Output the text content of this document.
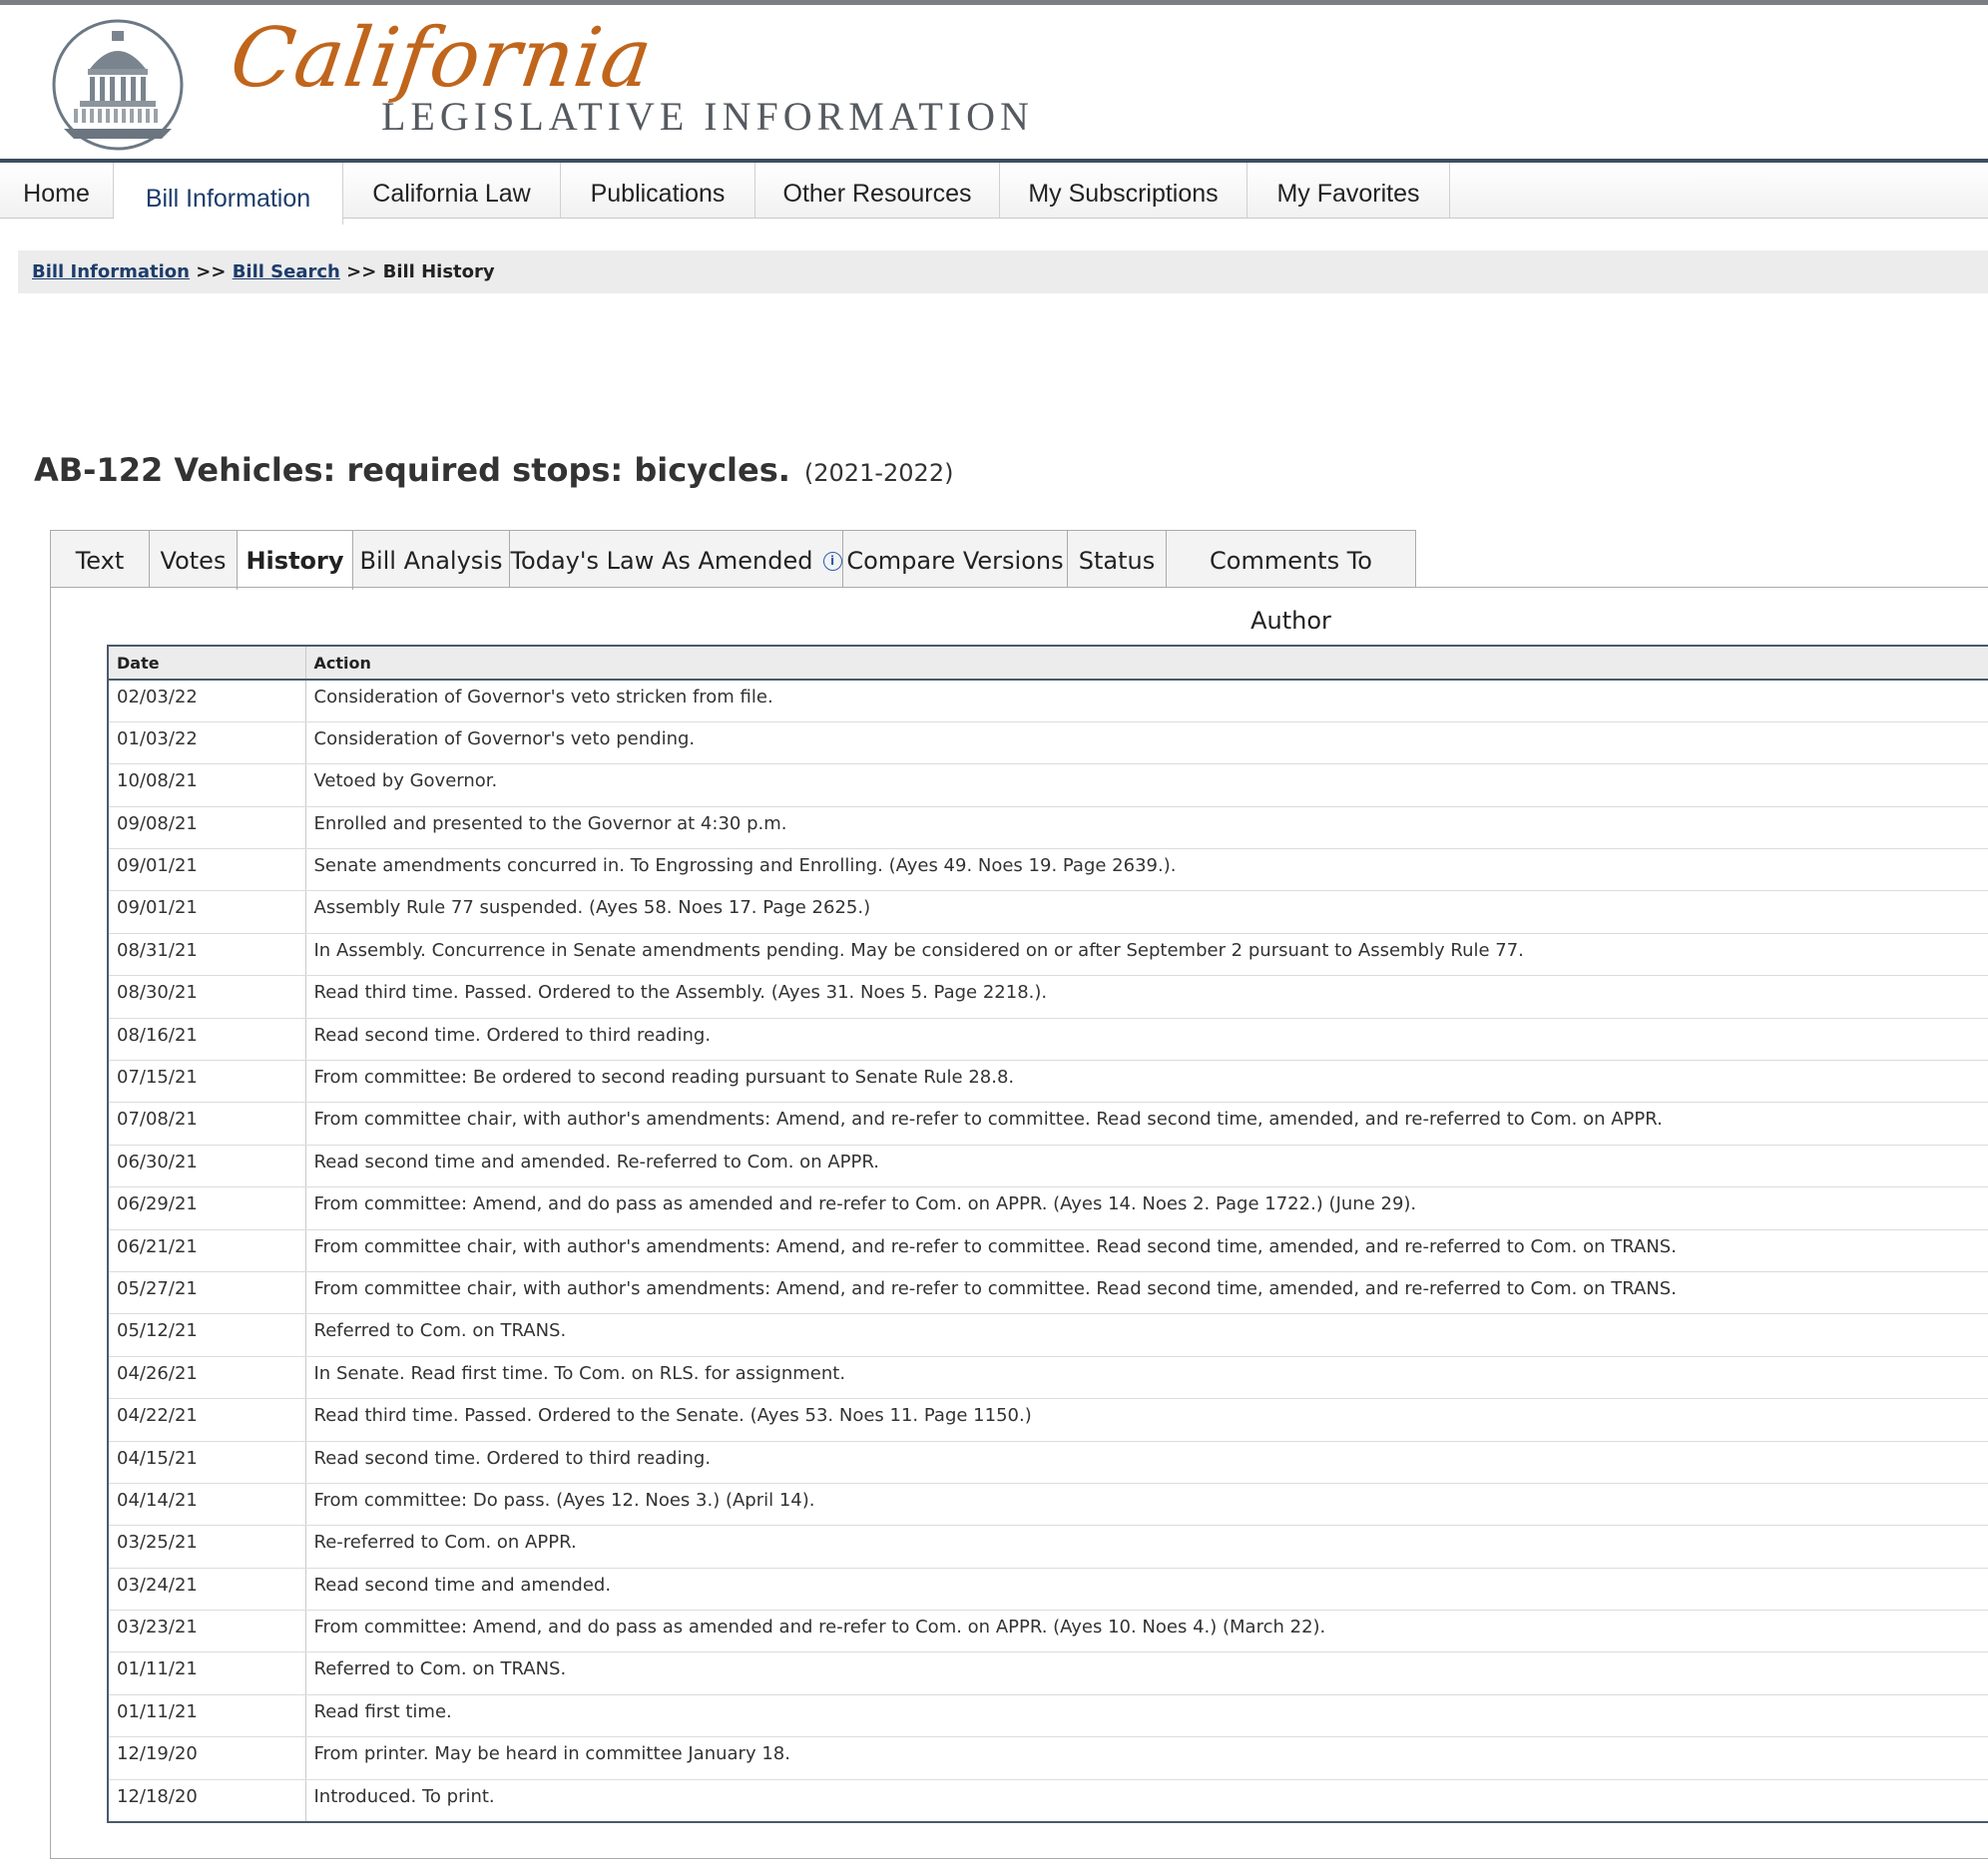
California
LEGISLATIVE INFORMATION
Home	Bill Information	California Law	Publications	Other Resources	My Subscriptions	My Favorites
Bill Information >> Bill Search >> Bill History
AB-122 Vehicles: required stops: bicycles. (2021-2022)
Text	Votes History Bill Analysis Today's Law As Amended i Compare Versions Status	Comments To Author
Date	Action
02/03/22	Consideration of Governor's veto stricken from file.
01/03/22	Consideration of Governor's veto pending.
10/08/21	Vetoed by Governor.
09/08/21	Enrolled and presented to the Governor at 4:30 p.m.
09/01/21	Senate amendments concurred in. To Engrossing and Enrolling. (Ayes 49. Noes 19. Page 2639.).
09/01/21	Assembly Rule 77 suspended. (Ayes 58. Noes 17. Page 2625.)
08/31/21	In Assembly. Concurrence in Senate amendments pending. May be considered on or after September 2 pursuant to Assembly Rule 77.
08/30/21	Read third time. Passed. Ordered to the Assembly. (Ayes 31. Noes 5. Page 2218.).
08/16/21	Read second time. Ordered to third reading.
07/15/21	From committee: Be ordered to second reading pursuant to Senate Rule 28.8.
07/08/21	From committee chair, with author's amendments: Amend, and re-refer to committee. Read second time, amended, and re-referred to Com. on APPR.
06/30/21	Read second time and amended. Re-referred to Com. on APPR.
06/29/21	From committee: Amend, and do pass as amended and re-refer to Com. on APPR. (Ayes 14. Noes 2. Page 1722.) (June 29).
06/21/21	From committee chair, with author's amendments: Amend, and re-refer to committee. Read second time, amended, and re-referred to Com. on TRANS.
05/27/21	From committee chair, with author's amendments: Amend, and re-refer to committee. Read second time, amended, and re-referred to Com. on TRANS.
05/12/21	Referred to Com. on TRANS.
04/26/21	In Senate. Read first time. To Com. on RLS. for assignment.
04/22/21	Read third time. Passed. Ordered to the Senate. (Ayes 53. Noes 11. Page 1150.)
04/15/21	Read second time. Ordered to third reading.
04/14/21	From committee: Do pass. (Ayes 12. Noes 3.) (April 14).
03/25/21	Re-referred to Com. on APPR.
03/24/21	Read second time and amended.
03/23/21	From committee: Amend, and do pass as amended and re-refer to Com. on APPR. (Ayes 10. Noes 4.) (March 22).
01/11/21	Referred to Com. on TRANS.
01/11/21	Read first time.
12/19/20	From printer. May be heard in committee January 18.
12/18/20	Introduced. To print.
